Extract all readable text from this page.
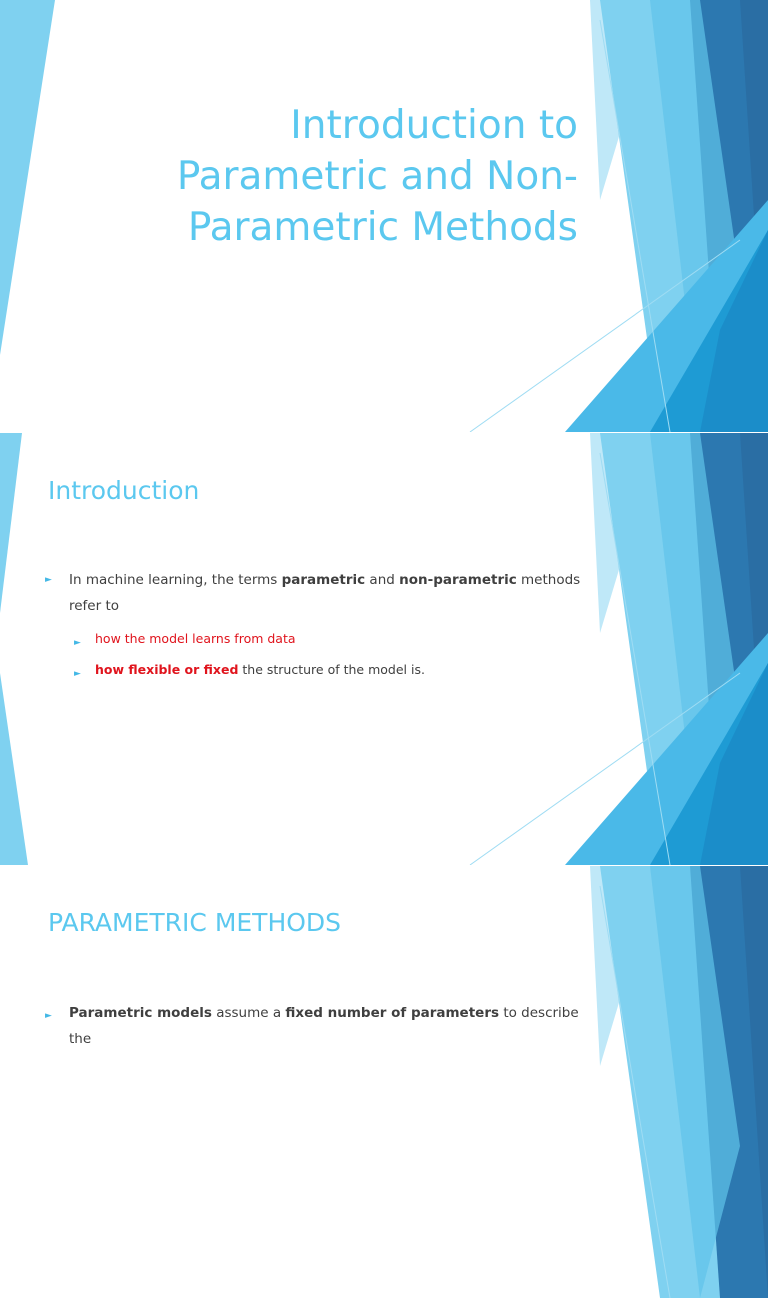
Introduction to Parametric and Non-Parametric Methods
Introduction
► In machine learning, the terms parametric and non-parametric methods
refer to
► how the model learns from data
► how flexible or fixed the structure of the model is.
PARAMETRIC METHODS
► Parametric models assume a fixed number of parameters to describe the
